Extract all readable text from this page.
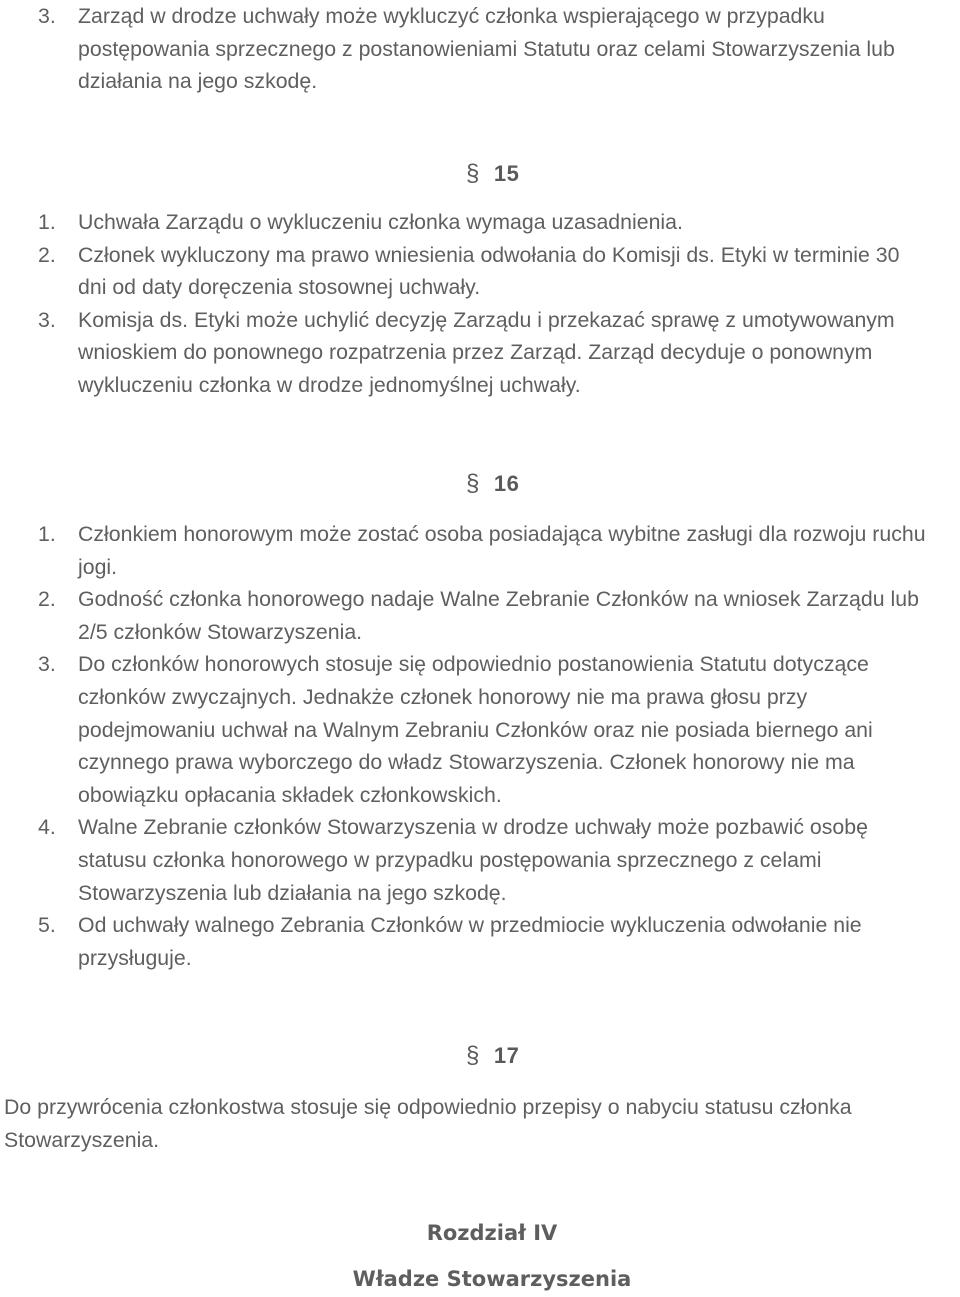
3. Zarząd w drodze uchwały może wykluczyć członka wspierającego w przypadku postępowania sprzecznego z postanowieniami Statutu oraz celami Stowarzyszenia lub działania na jego szkodę.
§ 15
1. Uchwała Zarządu o wykluczeniu członka wymaga uzasadnienia.
2. Członek wykluczony ma prawo wniesienia odwołania do Komisji ds. Etyki w terminie 30 dni od daty doręczenia stosownej uchwały.
3. Komisja ds. Etyki może uchylić decyzję Zarządu i przekazać sprawę z umotywowanym wnioskiem do ponownego rozpatrzenia przez Zarząd. Zarząd decyduje o ponownym wykluczeniu członka w drodze jednomyślnej uchwały.
§ 16
1. Członkiem honorowym może zostać osoba posiadająca wybitne zasługi dla rozwoju ruchu jogi.
2. Godność członka honorowego nadaje Walne Zebranie Członków na wniosek Zarządu lub 2/5 członków Stowarzyszenia.
3. Do członków honorowych stosuje się odpowiednio postanowienia Statutu dotyczące członków zwyczajnych. Jednakże członek honorowy nie ma prawa głosu przy podejmowaniu uchwał na Walnym Zebraniu Członków oraz nie posiada biernego ani czynnego prawa wyborczego do władz Stowarzyszenia. Członek honorowy nie ma obowiązku opłacania składek członkowskich.
4. Walne Zebranie członków Stowarzyszenia w drodze uchwały może pozbawić osobę statusu członka honorowego w przypadku postępowania sprzecznego z celami Stowarzyszenia lub działania na jego szkodę.
5. Od uchwały walnego Zebrania Członków w przedmiocie wykluczenia odwołanie nie przysługuje.
§ 17
Do przywrócenia członkostwa stosuje się odpowiednio przepisy o nabyciu statusu członka Stowarzyszenia.
Rozdział IV
Władze Stowarzyszenia
